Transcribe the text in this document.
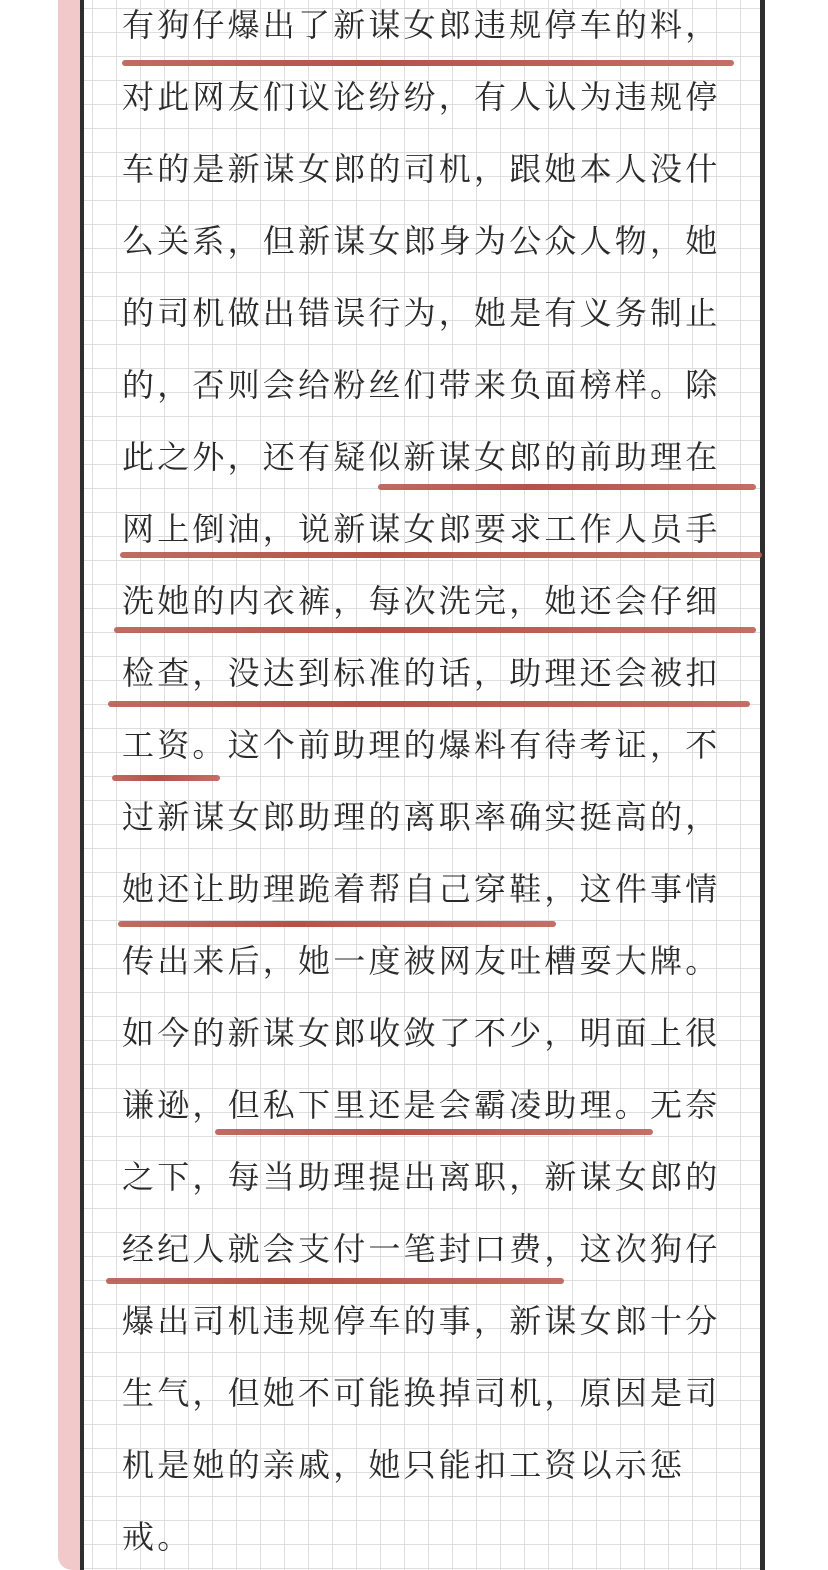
有狗仔爆出了新谋女郎违规停车的料，
对此网友们议论纷纷，有人认为违规停
车的是新谋女郎的司机，跟她本人没什
么关系，但新谋女郎身为公众人物，她
的司机做出错误行为，她是有义务制止
的，否则会给粉丝们带来负面榜样。除
此之外，还有疑似新谋女郎的前助理在
网上倒油，说新谋女郎要求工作人员手
洗她的内衣裤，每次洗完，她还会仔细
检查，没达到标准的话，助理还会被扣
工资。这个前助理的爆料有待考证，不
过新谋女郎助理的离职率确实挺高的，
她还让助理跪着帮自己穿鞋，这件事情
传出来后，她一度被网友吐槽耍大牌。
如今的新谋女郎收敛了不少，明面上很
谦逊，但私下里还是会霸凌助理。无奈
之下，每当助理提出离职，新谋女郎的
经纪人就会支付一笔封口费，这次狗仔
爆出司机违规停车的事，新谋女郎十分
生气，但她不可能换掉司机，原因是司
机是她的亲戚，她只能扣工资以示惩
戒。
